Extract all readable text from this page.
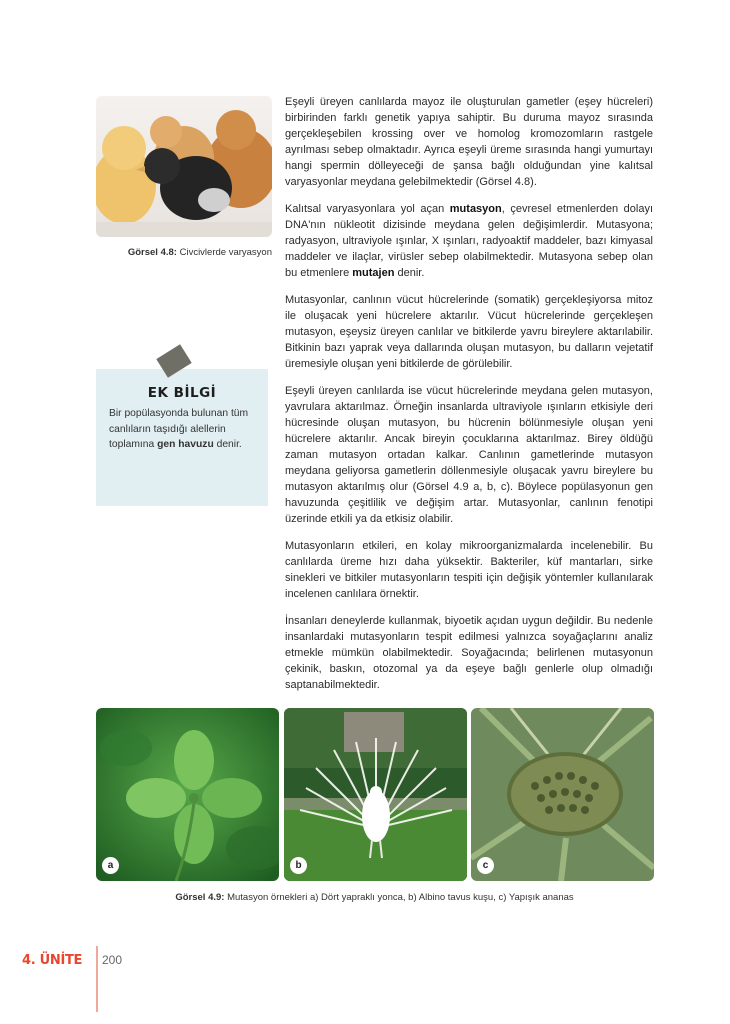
Görsel 4.8: Civcivlerde varyasyon
EK BİLGİ
Bir popülasyonda bulunan tüm canlıların taşıdığı alellerin toplamına gen havuzu denir.

Eşeyli üreyen canlılarda mayoz ile oluşturulan gametler (eşey hücreleri) birbirinden farklı genetik yapıya sahiptir. Bu duruma mayoz sırasında gerçekleşebilen krossing over ve homolog kromozomların rastgele ayrılması sebep olmaktadır. Ayrıca eşeyli üreme sırasında hangi yumurtayı hangi spermin dölleyeceği de şansa bağlı olduğundan yine kalıtsal varyasyonlar meydana gelebilmektedir (Görsel 4.8).

Kalıtsal varyasyonlara yol açan mutasyon, çevresel etmenlerden dolayı DNA'nın nükleotit dizisinde meydana gelen değişimlerdir. Mutasyona; radyasyon, ultraviyole ışınlar, X ışınları, radyoaktif maddeler, bazı kimyasal maddeler ve ilaçlar, virüsler sebep olabilmektedir. Mutasyona sebep olan bu etmenlere mutajen denir.

Mutasyonlar, canlının vücut hücrelerinde (somatik) gerçekleşiyorsa mitoz ile oluşacak yeni hücrelere aktarılır. Vücut hücrelerinde gerçekleşen mutasyon, eşeysiz üreyen canlılar ve bitkilerde yavru bireylere aktarılabilir. Bitkinin bazı yaprak veya dallarında oluşan mutasyon, bu dalların vejetatif üremesiyle oluşan yeni bitkilerde de görülebilir.

Eşeyli üreyen canlılarda ise vücut hücrelerinde meydana gelen mutasyon, yavrulara aktarılmaz. Örneğin insanlarda ultraviyole ışınların etkisiyle deri hücresinde oluşan mutasyon, bu hücrenin bölünmesiyle oluşan yeni hücrelere aktarılır. Ancak bireyin çocuklarına aktarılmaz. Birey öldüğü zaman mutasyon ortadan kalkar. Canlının gametlerinde mutasyon meydana geliyorsa gametlerin döllenmesiyle oluşacak yavru bireylere bu mutasyon aktarılmış olur (Görsel 4.9 a, b, c). Böylece popülasyonun gen havuzunda çeşitlilik ve değişim artar. Mutasyonlar, canlının fenotipi üzerinde etkili ya da etkisiz olabilir.

Mutasyonların etkileri, en kolay mikroorganizmalarda incelenebilir. Bu canlılarda üreme hızı daha yüksektir. Bakteriler, küf mantarları, sirke sinekleri ve bitkiler mutasyonların tespiti için değişik yöntemler kullanılarak incelenen canlılara örnektir.

İnsanları deneylerde kullanmak, biyoetik açıdan uygun değildir. Bu nedenle insanlardaki mutasyonların tespit edilmesi yalnızca soyağaçlarını analiz etmekle mümkün olabilmektedir. Soyağacında; belirlenen mutasyonun çekinik, baskın, otozomal ya da eşeye bağlı genlerle olup olmadığı saptanabilmektedir.

a	b	c
Görsel 4.9: Mutasyon örnekleri a) Dört yapraklı yonca, b) Albino tavus kuşu, c) Yapışık ananas
4. ÜNİTE 200
